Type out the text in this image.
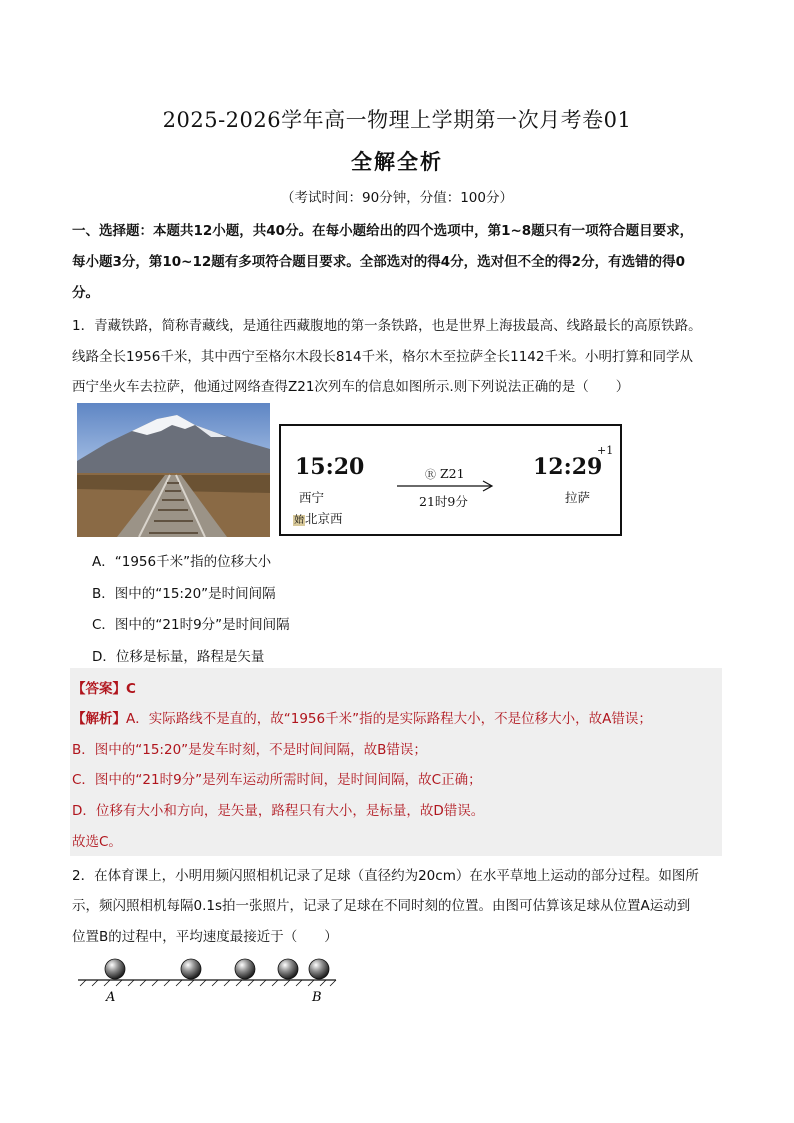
2025-2026学年高一物理上学期第一次月考卷01
全解全析
（考试时间：90分钟，分值：100分）
一、选择题：本题共12小题，共40分。在每小题给出的四个选项中，第1~8题只有一项符合题目要求，
每小题3分，第10~12题有多项符合题目要求。全部选对的得4分，选对但不全的得2分，有选错的得0
分。
1．青藏铁路，简称青藏线，是通往西藏腹地的第一条铁路，也是世界上海拔最高、线路最长的高原铁路。
线路全长1956千米，其中西宁至格尔木段长814千米，格尔木至拉萨全长1142千米。小明打算和同学从
西宁坐火车去拉萨，他通过网络查得Z21次列车的信息如图所示.则下列说法正确的是（　　）
15:20
西宁
始北京西
Ⓡ Z21
21时9分
12:29
+1
拉萨
A．“1956千米”指的位移大小
B．图中的“15:20”是时间间隔
C．图中的“21时9分”是时间间隔
D．位移是标量，路程是矢量
【答案】C
【解析】A．实际路线不是直的，故“1956千米”指的是实际路程大小，不是位移大小，故A错误；
B．图中的“15:20”是发车时刻，不是时间间隔，故B错误；
C．图中的“21时9分”是列车运动所需时间，是时间间隔，故C正确；
D．位移有大小和方向，是矢量，路程只有大小，是标量，故D错误。
故选C。
2．在体育课上，小明用频闪照相机记录了足球（直径约为20cm）在水平草地上运动的部分过程。如图所
示，频闪照相机每隔0.1s拍一张照片，记录了足球在不同时刻的位置。由图可估算该足球从位置A运动到
位置B的过程中，平均速度最接近于（　　）
A	B
